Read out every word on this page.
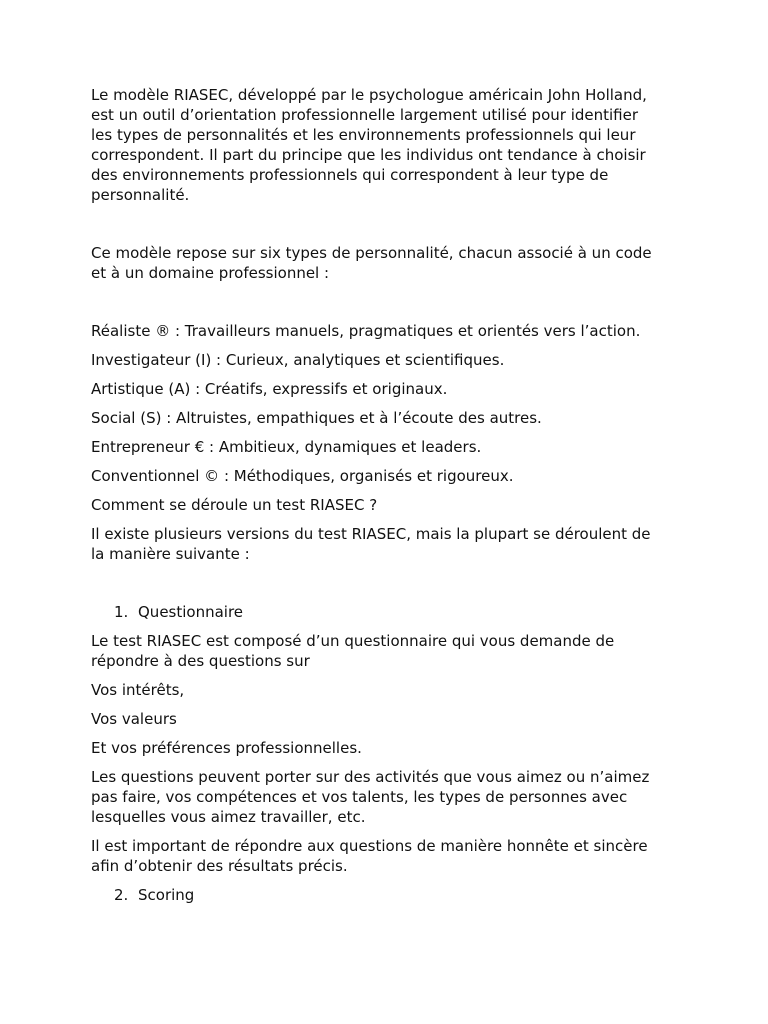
Le modèle RIASEC, développé par le psychologue américain John Holland,
est un outil d’orientation professionnelle largement utilisé pour identifier
les types de personnalités et les environnements professionnels qui leur
correspondent. Il part du principe que les individus ont tendance à choisir
des environnements professionnels qui correspondent à leur type de
personnalité.

Ce modèle repose sur six types de personnalité, chacun associé à un code
et à un domaine professionnel :

Réaliste ® : Travailleurs manuels, pragmatiques et orientés vers l’action.

Investigateur (I) : Curieux, analytiques et scientifiques.

Artistique (A) : Créatifs, expressifs et originaux.

Social (S) : Altruistes, empathiques et à l’écoute des autres.

Entrepreneur € : Ambitieux, dynamiques et leaders.

Conventionnel © : Méthodiques, organisés et rigoureux.

Comment se déroule un test RIASEC ?

Il existe plusieurs versions du test RIASEC, mais la plupart se déroulent de
la manière suivante :

1. Questionnaire

Le test RIASEC est composé d’un questionnaire qui vous demande de
répondre à des questions sur

Vos intérêts,

Vos valeurs

Et vos préférences professionnelles.

Les questions peuvent porter sur des activités que vous aimez ou n’aimez
pas faire, vos compétences et vos talents, les types de personnes avec
lesquelles vous aimez travailler, etc.

Il est important de répondre aux questions de manière honnête et sincère
afin d’obtenir des résultats précis.

2. Scoring
